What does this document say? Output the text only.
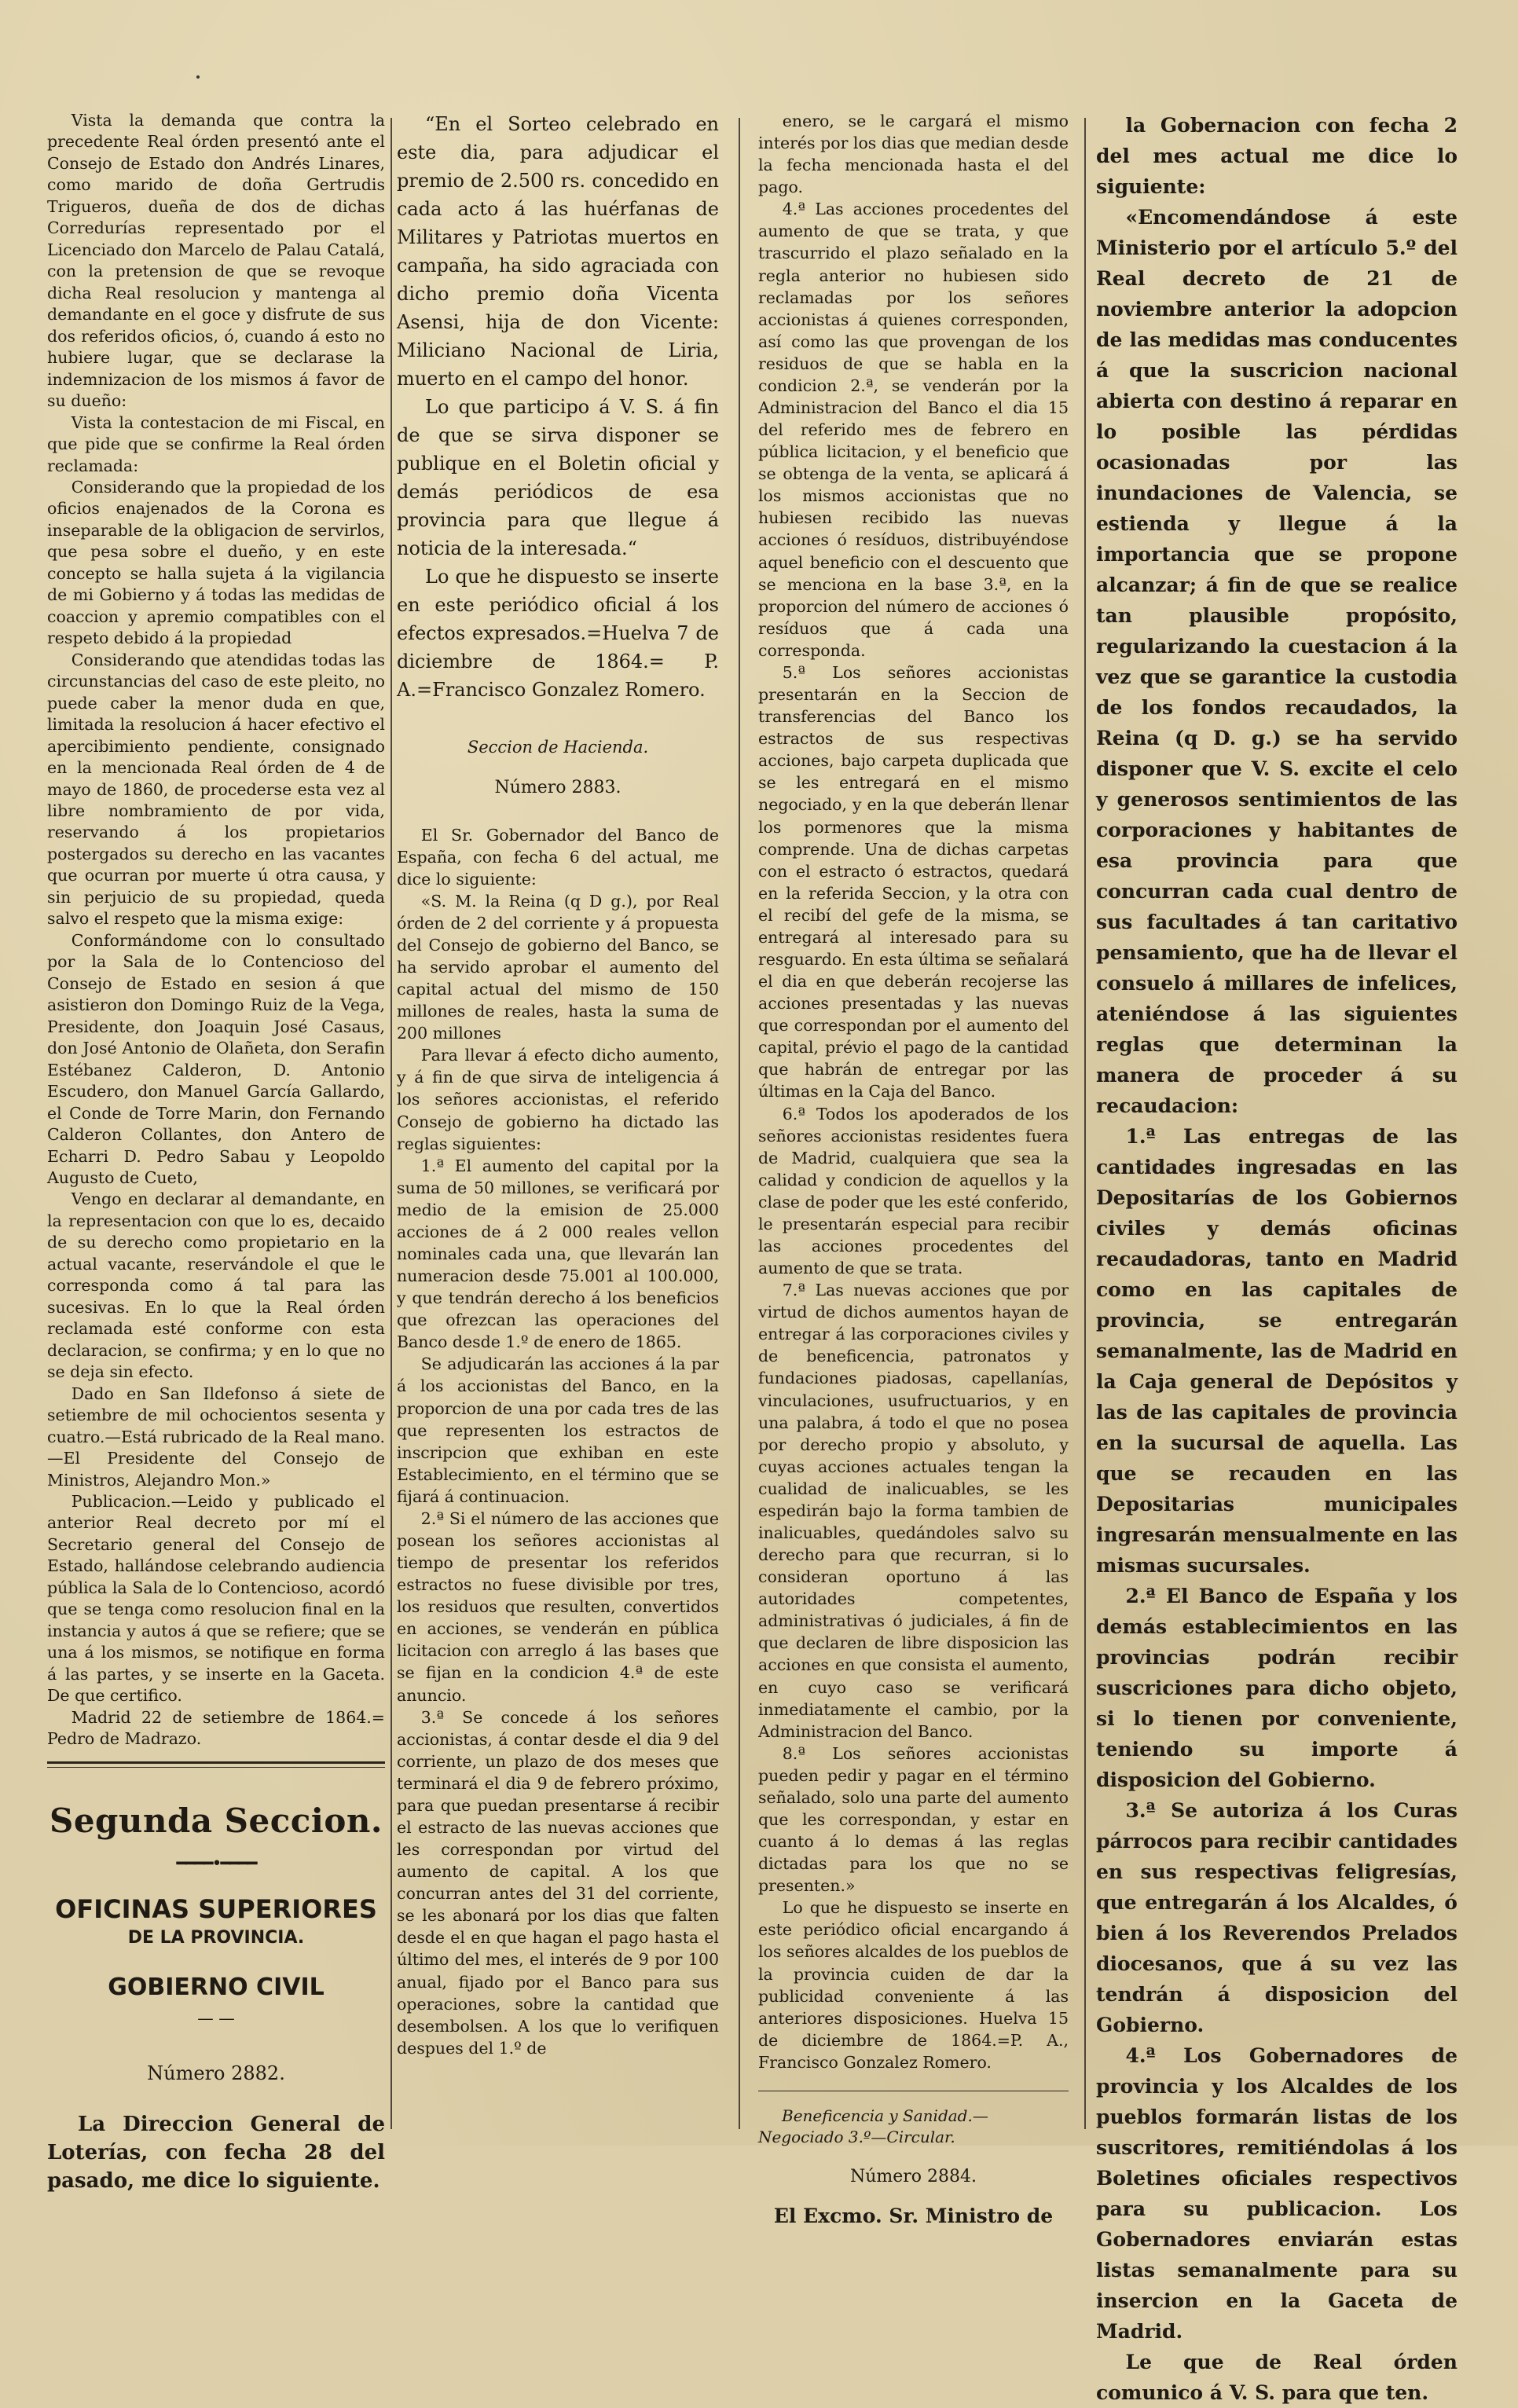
Vista la demanda que contra la precedente Real órden presentó ante el Consejo de Estado don Andrés Linares, como marido de doña Gertrudis Trigueros, dueña de dos de dichas Corredurías representado por el Licenciado don Marcelo de Palau Catalá, con la pretension de que se revoque dicha Real resolucion y mantenga al demandante en el goce y disfrute de sus dos referidos oficios, ó, cuando á esto no hubiere lugar, que se declarase la indemnizacion de los mismos á favor de su dueño:

Vista la contestacion de mi Fiscal, en que pide que se confirme la Real órden reclamada:

Considerando que la propiedad de los oficios enajenados de la Corona es inseparable de la obligacion de servirlos, que pesa sobre el dueño, y en este concepto se halla sujeta á la vigilancia de mi Gobierno y á todas las medidas de coaccion y apremio compatibles con el respeto debido á la propiedad

Considerando que atendidas todas las circunstancias del caso de este pleito, no puede caber la menor duda en que, limitada la resolucion á hacer efectivo el apercibimiento pendiente, consignado en la mencionada Real órden de 4 de mayo de 1860, de procederse esta vez al libre nombramiento de por vida, reservando á los propietarios postergados su derecho en las vacantes que ocurran por muerte ú otra causa, y sin perjuicio de su propiedad, queda salvo el respeto que la misma exige:

Conformándome con lo consultado por la Sala de lo Contencioso del Consejo de Estado en sesion á que asistieron don Domingo Ruiz de la Vega, Presidente, don Joaquin José Casaus, don José Antonio de Olañeta, don Serafin Estébanez Calderon, D. Antonio Escudero, don Manuel García Gallardo, el Conde de Torre Marin, don Fernando Calderon Collantes, don Antero de Echarri D. Pedro Sabau y Leopoldo Augusto de Cueto,

Vengo en declarar al demandante, en la representacion con que lo es, decaido de su derecho como propietario en la actual vacante, reservándole el que le corresponda como á tal para las sucesivas. En lo que la Real órden reclamada esté conforme con esta declaracion, se confirma; y en lo que no se deja sin efecto.

Dado en San Ildefonso á siete de setiembre de mil ochocientos sesenta y cuatro.—Está rubricado de la Real mano.—El Presidente del Consejo de Ministros, Alejandro Mon.»

Publicacion.—Leido y publicado el anterior Real decreto por mí el Secretario general del Consejo de Estado, hallándose celebrando audiencia pública la Sala de lo Contencioso, acordó que se tenga como resolucion final en la instancia y autos á que se refiere; que se una á los mismos, se notifique en forma á las partes, y se inserte en la Gaceta. De que certifico.

Madrid 22 de setiembre de 1864.= Pedro de Madrazo.

Segunda Seccion.
━━━━•━━━━
OFICINAS SUPERIORES
DE LA PROVINCIA.
GOBIERNO CIVIL
— —
Número 2882.

La Direccion General de Loterías, con fecha 28 del pasado, me dice lo siguiente.

“En el Sorteo celebrado en este dia, para adjudicar el premio de 2.500 rs. concedido en cada acto á las huérfanas de Militares y Patriotas muertos en campaña, ha sido agraciada con dicho premio doña Vicenta Asensi, hija de don Vicente: Miliciano Nacional de Liria, muerto en el campo del honor.

Lo que participo á V. S. á fin de que se sirva disponer se publique en el Boletin oficial y demás periódicos de esa provincia para que llegue á noticia de la interesada.“

Lo que he dispuesto se inserte en este periódico oficial á los efectos expresados.=Huelva 7 de diciembre de 1864.= P. A.=Francisco Gonzalez Romero.

Seccion de Hacienda.
Número 2883.

El Sr. Gobernador del Banco de España, con fecha 6 del actual, me dice lo siguiente:

«S. M. la Reina (q D g.), por Real órden de 2 del corriente y á propuesta del Consejo de gobierno del Banco, se ha servido aprobar el aumento del capital actual del mismo de 150 millones de reales, hasta la suma de 200 millones

Para llevar á efecto dicho aumento, y á fin de que sirva de inteligencia á los señores accionistas, el referido Consejo de gobierno ha dictado las reglas siguientes:

1.ª El aumento del capital por la suma de 50 millones, se verificará por medio de la emision de 25.000 acciones de á 2 000 reales vellon nominales cada una, que llevarán lan numeracion desde 75.001 al 100.000, y que tendrán derecho á los beneficios que ofrezcan las operaciones del Banco desde 1.º de enero de 1865.

Se adjudicarán las acciones á la par á los accionistas del Banco, en la proporcion de una por cada tres de las que representen los estractos de inscripcion que exhiban en este Establecimiento, en el término que se fijará á continuacion.

2.ª Si el número de las acciones que posean los señores accionistas al tiempo de presentar los referidos estractos no fuese divisible por tres, los residuos que resulten, convertidos en acciones, se venderán en pública licitacion con arreglo á las bases que se fijan en la condicion 4.ª de este anuncio.

3.ª Se concede á los señores accionistas, á contar desde el dia 9 del corriente, un plazo de dos meses que terminará el dia 9 de febrero próximo, para que puedan presentarse á recibir el estracto de las nuevas acciones que les correspondan por virtud del aumento de capital. A los que concurran antes del 31 del corriente, se les abonará por los dias que falten desde el en que hagan el pago hasta el último del mes, el interés de 9 por 100 anual, fijado por el Banco para sus operaciones, sobre la cantidad que desembolsen. A los que lo verifiquen despues del 1.º de

enero, se le cargará el mismo interés por los dias que median desde la fecha mencionada hasta el del pago.

4.ª Las acciones procedentes del aumento de que se trata, y que trascurrido el plazo señalado en la regla anterior no hubiesen sido reclamadas por los señores accionistas á quienes corresponden, así como las que provengan de los residuos de que se habla en la condicion 2.ª, se venderán por la Administracion del Banco el dia 15 del referido mes de febrero en pública licitacion, y el beneficio que se obtenga de la venta, se aplicará á los mismos accionistas que no hubiesen recibido las nuevas acciones ó resíduos, distribuyéndose aquel beneficio con el descuento que se menciona en la base 3.ª, en la proporcion del número de acciones ó resíduos que á cada una corresponda.

5.ª Los señores accionistas presentarán en la Seccion de transferencias del Banco los estractos de sus respectivas acciones, bajo carpeta duplicada que se les entregará en el mismo negociado, y en la que deberán llenar los pormenores que la misma comprende. Una de dichas carpetas con el estracto ó estractos, quedará en la referida Seccion, y la otra con el recibí del gefe de la misma, se entregará al interesado para su resguardo. En esta última se señalará el dia en que deberán recojerse las acciones presentadas y las nuevas que correspondan por el aumento del capital, prévio el pago de la cantidad que habrán de entregar por las últimas en la Caja del Banco.

6.ª Todos los apoderados de los señores accionistas residentes fuera de Madrid, cualquiera que sea la calidad y condicion de aquellos y la clase de poder que les esté conferido, le presentarán especial para recibir las acciones procedentes del aumento de que se trata.

7.ª Las nuevas acciones que por virtud de dichos aumentos hayan de entregar á las corporaciones civiles y de beneficencia, patronatos y fundaciones piadosas, capellanías, vinculaciones, usufructuarios, y en una palabra, á todo el que no posea por derecho propio y absoluto, y cuyas acciones actuales tengan la cualidad de inalicuables, se les espedirán bajo la forma tambien de inalicuables, quedándoles salvo su derecho para que recurran, si lo consideran oportuno á las autoridades competentes, administrativas ó judiciales, á fin de que declaren de libre disposicion las acciones en que consista el aumento, en cuyo caso se verificará inmediatamente el cambio, por la Administracion del Banco.

8.ª Los señores accionistas pueden pedir y pagar en el término señalado, solo una parte del aumento que les correspondan, y estar en cuanto á lo demas á las reglas dictadas para los que no se presenten.»

Lo que he dispuesto se inserte en este periódico oficial encargando á los señores alcaldes de los pueblos de la provincia cuiden de dar la publicidad conveniente á las anteriores disposiciones. Huelva 15 de diciembre de 1864.=P. A., Francisco Gonzalez Romero.

Beneficencia y Sanidad.—Negociado 3.º—Circular.

Número 2884.
El Excmo. Sr. Ministro de

la Gobernacion con fecha 2 del mes actual me dice lo siguiente:

«Encomendándose á este Ministerio por el artículo 5.º del Real decreto de 21 de noviembre anterior la adopcion de las medidas mas conducentes á que la suscricion nacional abierta con destino á reparar en lo posible las pérdidas ocasionadas por las inundaciones de Valencia, se estienda y llegue á la importancia que se propone alcanzar; á fin de que se realice tan plausible propósito, regularizando la cuestacion á la vez que se garantice la custodia de los fondos recaudados, la Reina (q D. g.) se ha servido disponer que V. S. excite el celo y generosos sentimientos de las corporaciones y habitantes de esa provincia para que concurran cada cual dentro de sus facultades á tan caritativo pensamiento, que ha de llevar el consuelo á millares de infelices, ateniéndose á las siguientes reglas que determinan la manera de proceder á su recaudacion:

1.ª Las entregas de las cantidades ingresadas en las Depositarías de los Gobiernos civiles y demás oficinas recaudadoras, tanto en Madrid como en las capitales de provincia, se entregarán semanalmente, las de Madrid en la Caja general de Depósitos y las de las capitales de provincia en la sucursal de aquella. Las que se recauden en las Depositarias municipales ingresarán mensualmente en las mismas sucursales.

2.ª El Banco de España y los demás establecimientos en las provincias podrán recibir suscriciones para dicho objeto, si lo tienen por conveniente, teniendo su importe á disposicion del Gobierno.

3.ª Se autoriza á los Curas párrocos para recibir cantidades en sus respectivas feligresías, que entregarán á los Alcaldes, ó bien á los Reverendos Prelados diocesanos, que á su vez las tendrán á disposicion del Gobierno.

4.ª Los Gobernadores de provincia y los Alcaldes de los pueblos formarán listas de los suscritores, remitiéndolas á los Boletines oficiales respectivos para su publicacion. Los Gobernadores enviarán estas listas semanalmente para su insercion en la Gaceta de Madrid.

Le que de Real órden comunico á V. S. para que ten.
